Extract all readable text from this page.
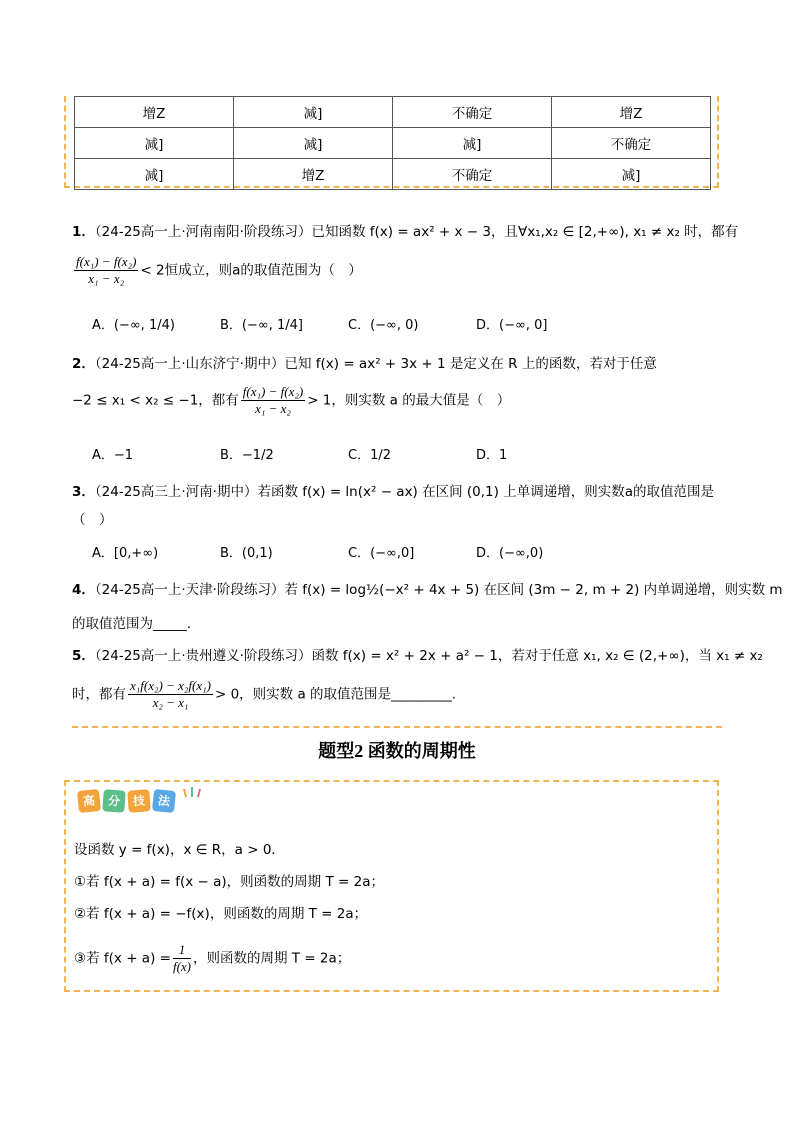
增Z	减]	不确定	增Z
减]	减]	减]	不确定
减]	增Z	不确定	减]
1．（24-25高一上·河南南阳·阶段练习）已知函数 f(x) = ax² + x − 3，且∀x₁,x₂ ∈ [2,+∞), x₁ ≠ x₂ 时，都有
$\frac{\text{f(x₁) − f(x₂)}}{\text{x₁ − x₂}} < 2$恒成立，则a的取值范围为（　）
A．(−∞, 1/4)	B．(−∞, 1/4]	C．(−∞, 0)	D．(−∞, 0]
2．（24-25高一上·山东济宁·期中）已知 f(x) = ax² + 3x + 1 是定义在 R 上的函数，若对于任意
−2 ≤ x₁ < x₂ ≤ −1，都有 $\frac{\text{f(x₁) − f(x₂)}}{\text{x₁ − x₂}} > 1$，则实数 a 的最大值是（　）
A．−1	B．−1/2	C．1/2	D．1
3．（24-25高三上·河南·期中）若函数 f(x) = ln(x² − ax) 在区间 (0,1) 上单调递增，则实数a的取值范围是
（　）
A．[0,+∞)	B．(0,1)	C．(−∞,0]	D．(−∞,0)
4．（24-25高一上·天津·阶段练习）若 f(x) = log½(−x² + 4x + 5) 在区间 (3m − 2, m + 2) 内单调递增，则实数 m
的取值范围为_____.
5．（24-25高一上·贵州遵义·阶段练习）函数 f(x) = x² + 2x + a² − 1，若对于任意 x₁, x₂ ∈ (2,+∞)，当 x₁ ≠ x₂
时，都有 $\frac{\text{x₁f(x₂) − x₂f(x₁)}}{\text{x₂ − x₁}} > 0$，则实数 a 的取值范围是_________.
题型2 函数的周期性
高 分	技 法
设函数 y = f(x)，x ∈ R，a > 0．
①若 f(x + a) = f(x − a)，则函数的周期 T = 2a；
②若 f(x + a) = −f(x)，则函数的周期 T = 2a；
③若 $f(x + a) = \frac{1}{f(x)}$ ，则函数的周期 T = 2a；
